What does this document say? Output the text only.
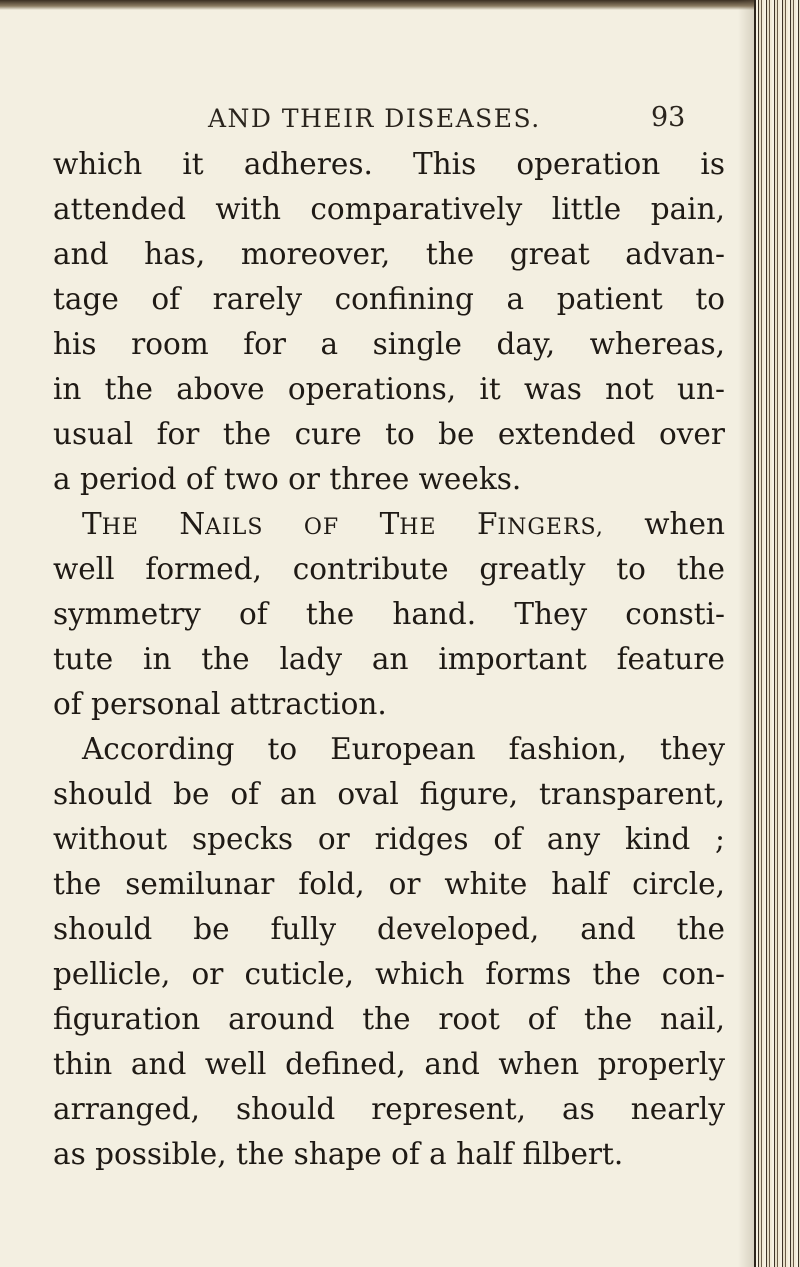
AND THEIR DISEASES.	93
which it adheres. This operation is
attended with comparatively little pain,
and has, moreover, the great advan-
tage of rarely confining a patient to
his room for a single day, whereas,
in the above operations, it was not un-
usual for the cure to be extended over
a period of two or three weeks.
THE NAILS OF THE FINGERS, when
well formed, contribute greatly to the
symmetry of the hand. They consti-
tute in the lady an important feature
of personal attraction.
According to European fashion, they
should be of an oval figure, transparent,
without specks or ridges of any kind ;
the semilunar fold, or white half circle,
should be fully developed, and the
pellicle, or cuticle, which forms the con-
figuration around the root of the nail,
thin and well defined, and when properly
arranged, should represent, as nearly
as possible, the shape of a half filbert.
